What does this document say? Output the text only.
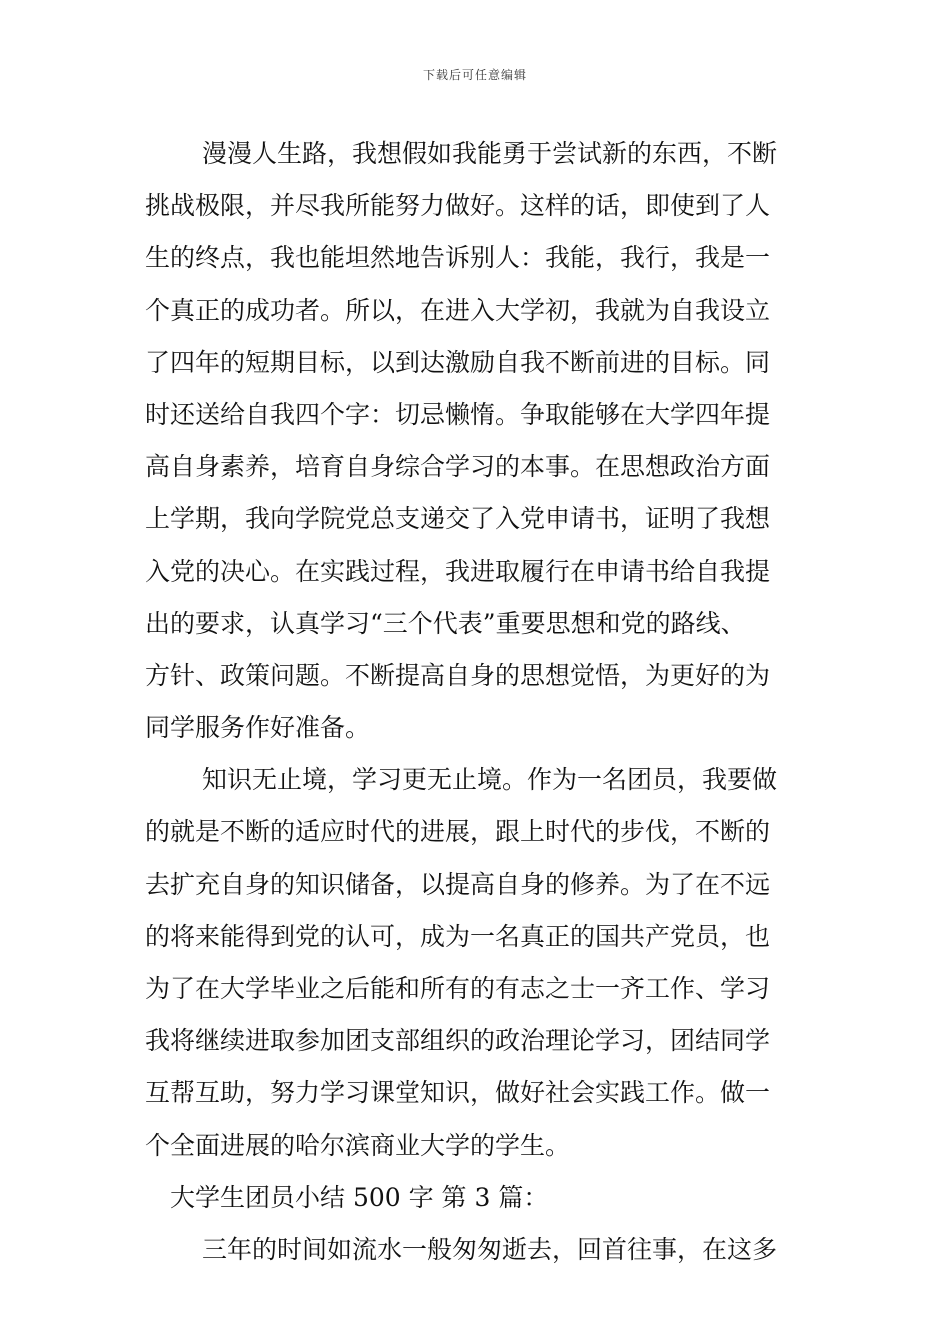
下载后可任意编辑
漫漫人生路，我想假如我能勇于尝试新的东西，不断
挑战极限，并尽我所能努力做好。这样的话，即使到了人
生的终点，我也能坦然地告诉别人：我能，我行，我是一
个真正的成功者。所以，在进入大学初，我就为自我设立
了四年的短期目标，以到达激励自我不断前进的目标。同
时还送给自我四个字：切忌懒惰。争取能够在大学四年提
高自身素养，培育自身综合学习的本事。在思想政治方面
上学期，我向学院党总支递交了入党申请书，证明了我想
入党的决心。在实践过程，我进取履行在申请书给自我提
出的要求，认真学习“三个代表”重要思想和党的路线、
方针、政策问题。不断提高自身的思想觉悟，为更好的为
同学服务作好准备。
知识无止境，学习更无止境。作为一名团员，我要做
的就是不断的适应时代的进展，跟上时代的步伐，不断的
去扩充自身的知识储备，以提高自身的修养。为了在不远
的将来能得到党的认可，成为一名真正的国共产党员，也
为了在大学毕业之后能和所有的有志之士一齐工作、学习
我将继续进取参加团支部组织的政治理论学习，团结同学
互帮互助，努力学习课堂知识，做好社会实践工作。做一
个全面进展的哈尔滨商业大学的学生。
大学生团员小结 500 字 第 3 篇：
三年的时间如流水一般匆匆逝去，回首往事，在这多
